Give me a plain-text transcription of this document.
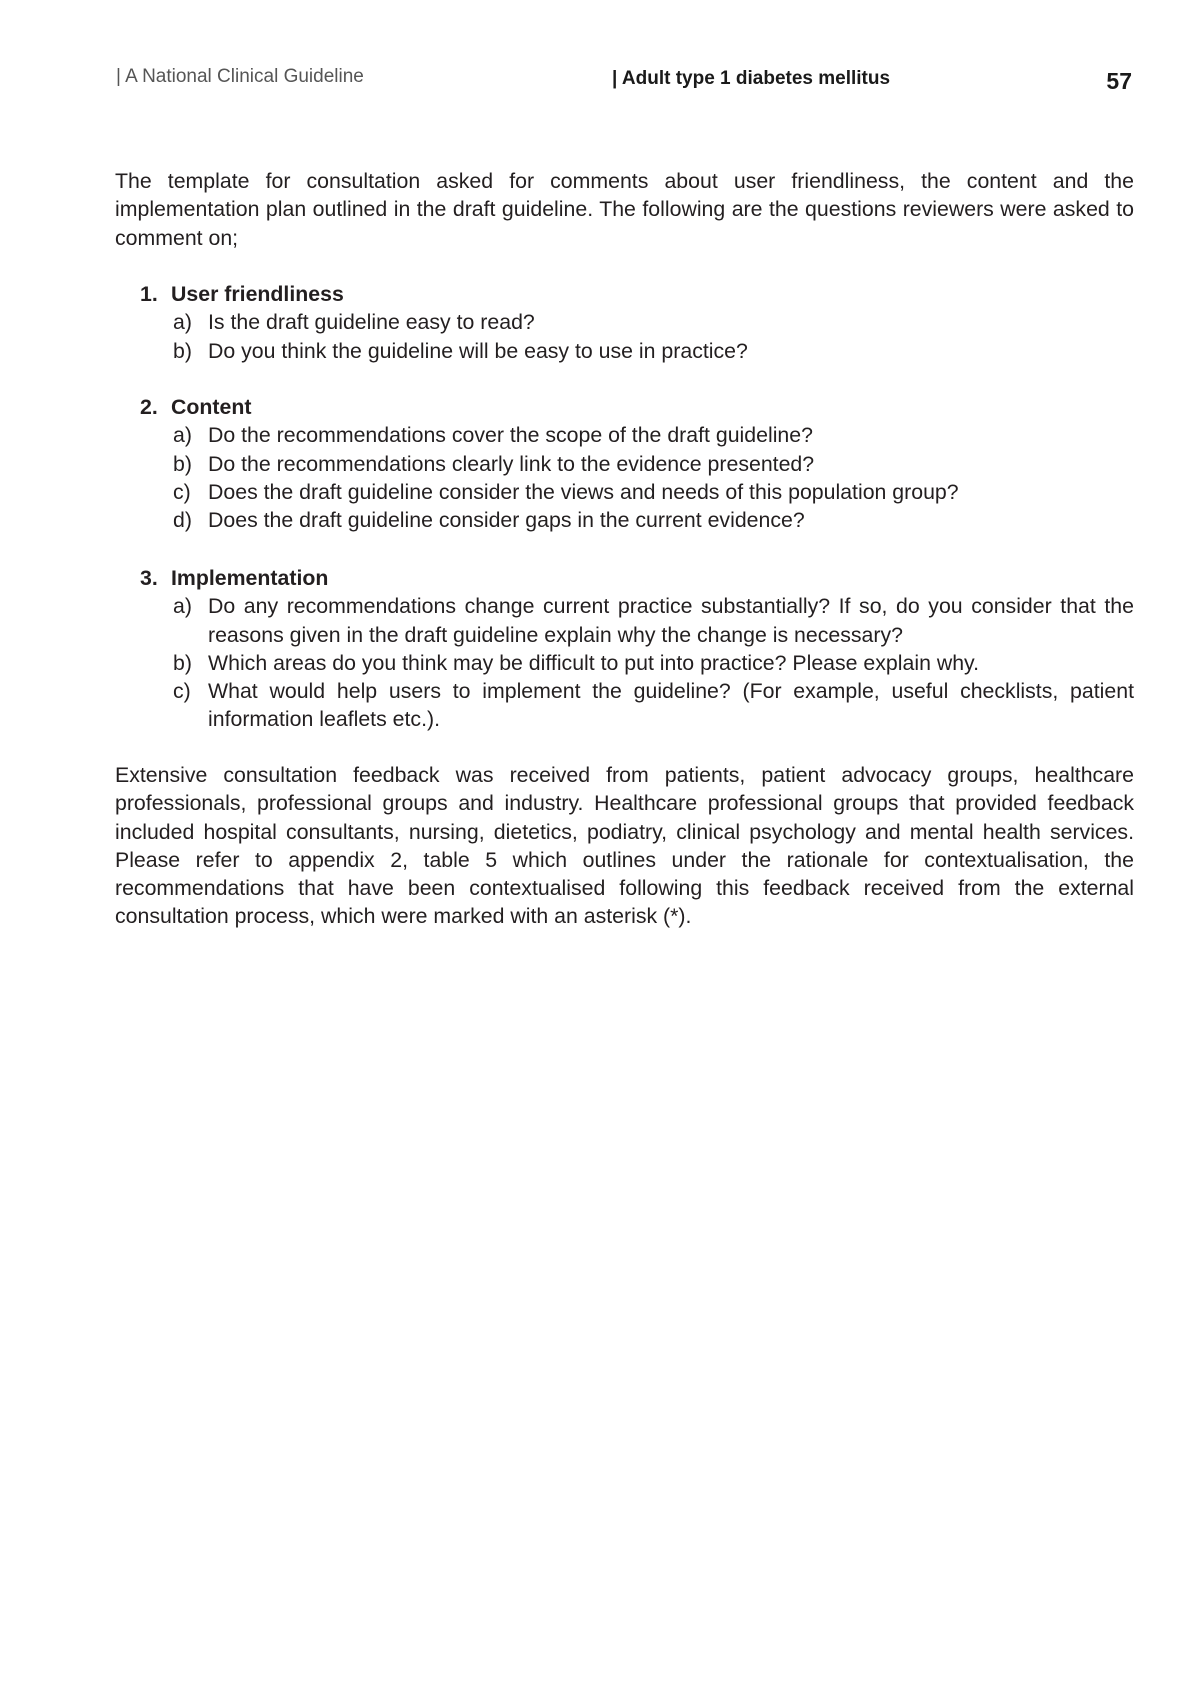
| A National Clinical Guideline	| Adult type 1 diabetes mellitus	57

The template for consultation asked for comments about user friendliness, the content and the implementation plan outlined in the draft guideline. The following are the questions reviewers were asked to comment on;

1. User friendliness
a) Is the draft guideline easy to read?
b) Do you think the guideline will be easy to use in practice?
2. Content
a) Do the recommendations cover the scope of the draft guideline?
b) Do the recommendations clearly link to the evidence presented?
c) Does the draft guideline consider the views and needs of this population group?
d) Does the draft guideline consider gaps in the current evidence?
3. Implementation
a) Do any recommendations change current practice substantially? If so, do you consider that the reasons given in the draft guideline explain why the change is necessary?
b) Which areas do you think may be difficult to put into practice? Please explain why.
c) What would help users to implement the guideline? (For example, useful checklists, patient information leaflets etc.).

Extensive consultation feedback was received from patients, patient advocacy groups, healthcare professionals, professional groups and industry. Healthcare professional groups that provided feedback included hospital consultants, nursing, dietetics, podiatry, clinical psychology and mental health services. Please refer to appendix 2, table 5 which outlines under the rationale for contextualisation, the recommendations that have been contextualised following this feedback received from the external consultation process, which were marked with an asterisk (*).
